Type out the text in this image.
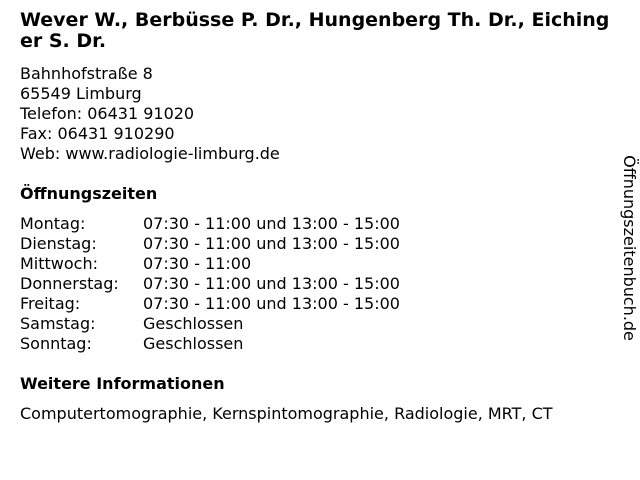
Wever W., Berbüsse P. Dr., Hungenberg Th. Dr., Eichinger S. Dr.
Bahnhofstraße 8
65549 Limburg
Telefon: 06431 91020
Fax: 06431 910290
Web: www.radiologie-limburg.de
Öffnungszeiten
Montag:	07:30 - 11:00 und 13:00 - 15:00
Dienstag:	07:30 - 11:00 und 13:00 - 15:00
Mittwoch:	07:30 - 11:00
Donnerstag:	07:30 - 11:00 und 13:00 - 15:00
Freitag:	07:30 - 11:00 und 13:00 - 15:00
Samstag:	Geschlossen
Sonntag:	Geschlossen
Weitere Informationen
Computertomographie, Kernspintomographie, Radiologie, MRT, CT
Öffnungszeitenbuch.de
